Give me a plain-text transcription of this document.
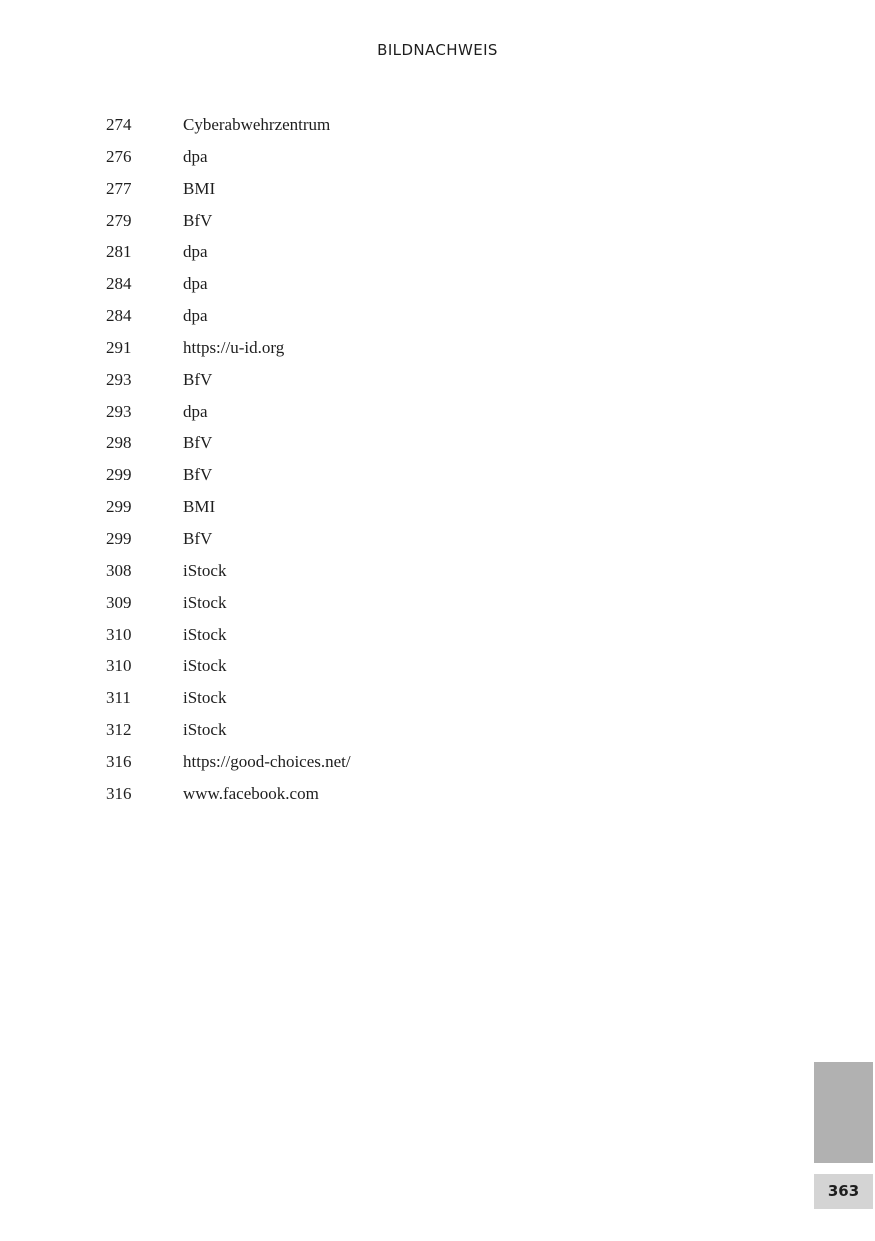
BILDNACHWEIS
274	Cyberabwehrzentrum
276	dpa
277	BMI
279	BfV
281	dpa
284	dpa
284	dpa
291	https://u-id.org
293	BfV
293	dpa
298	BfV
299	BfV
299	BMI
299	BfV
308	iStock
309	iStock
310	iStock
310	iStock
311	iStock
312	iStock
316	https://good-choices.net/
316	www.facebook.com
363
